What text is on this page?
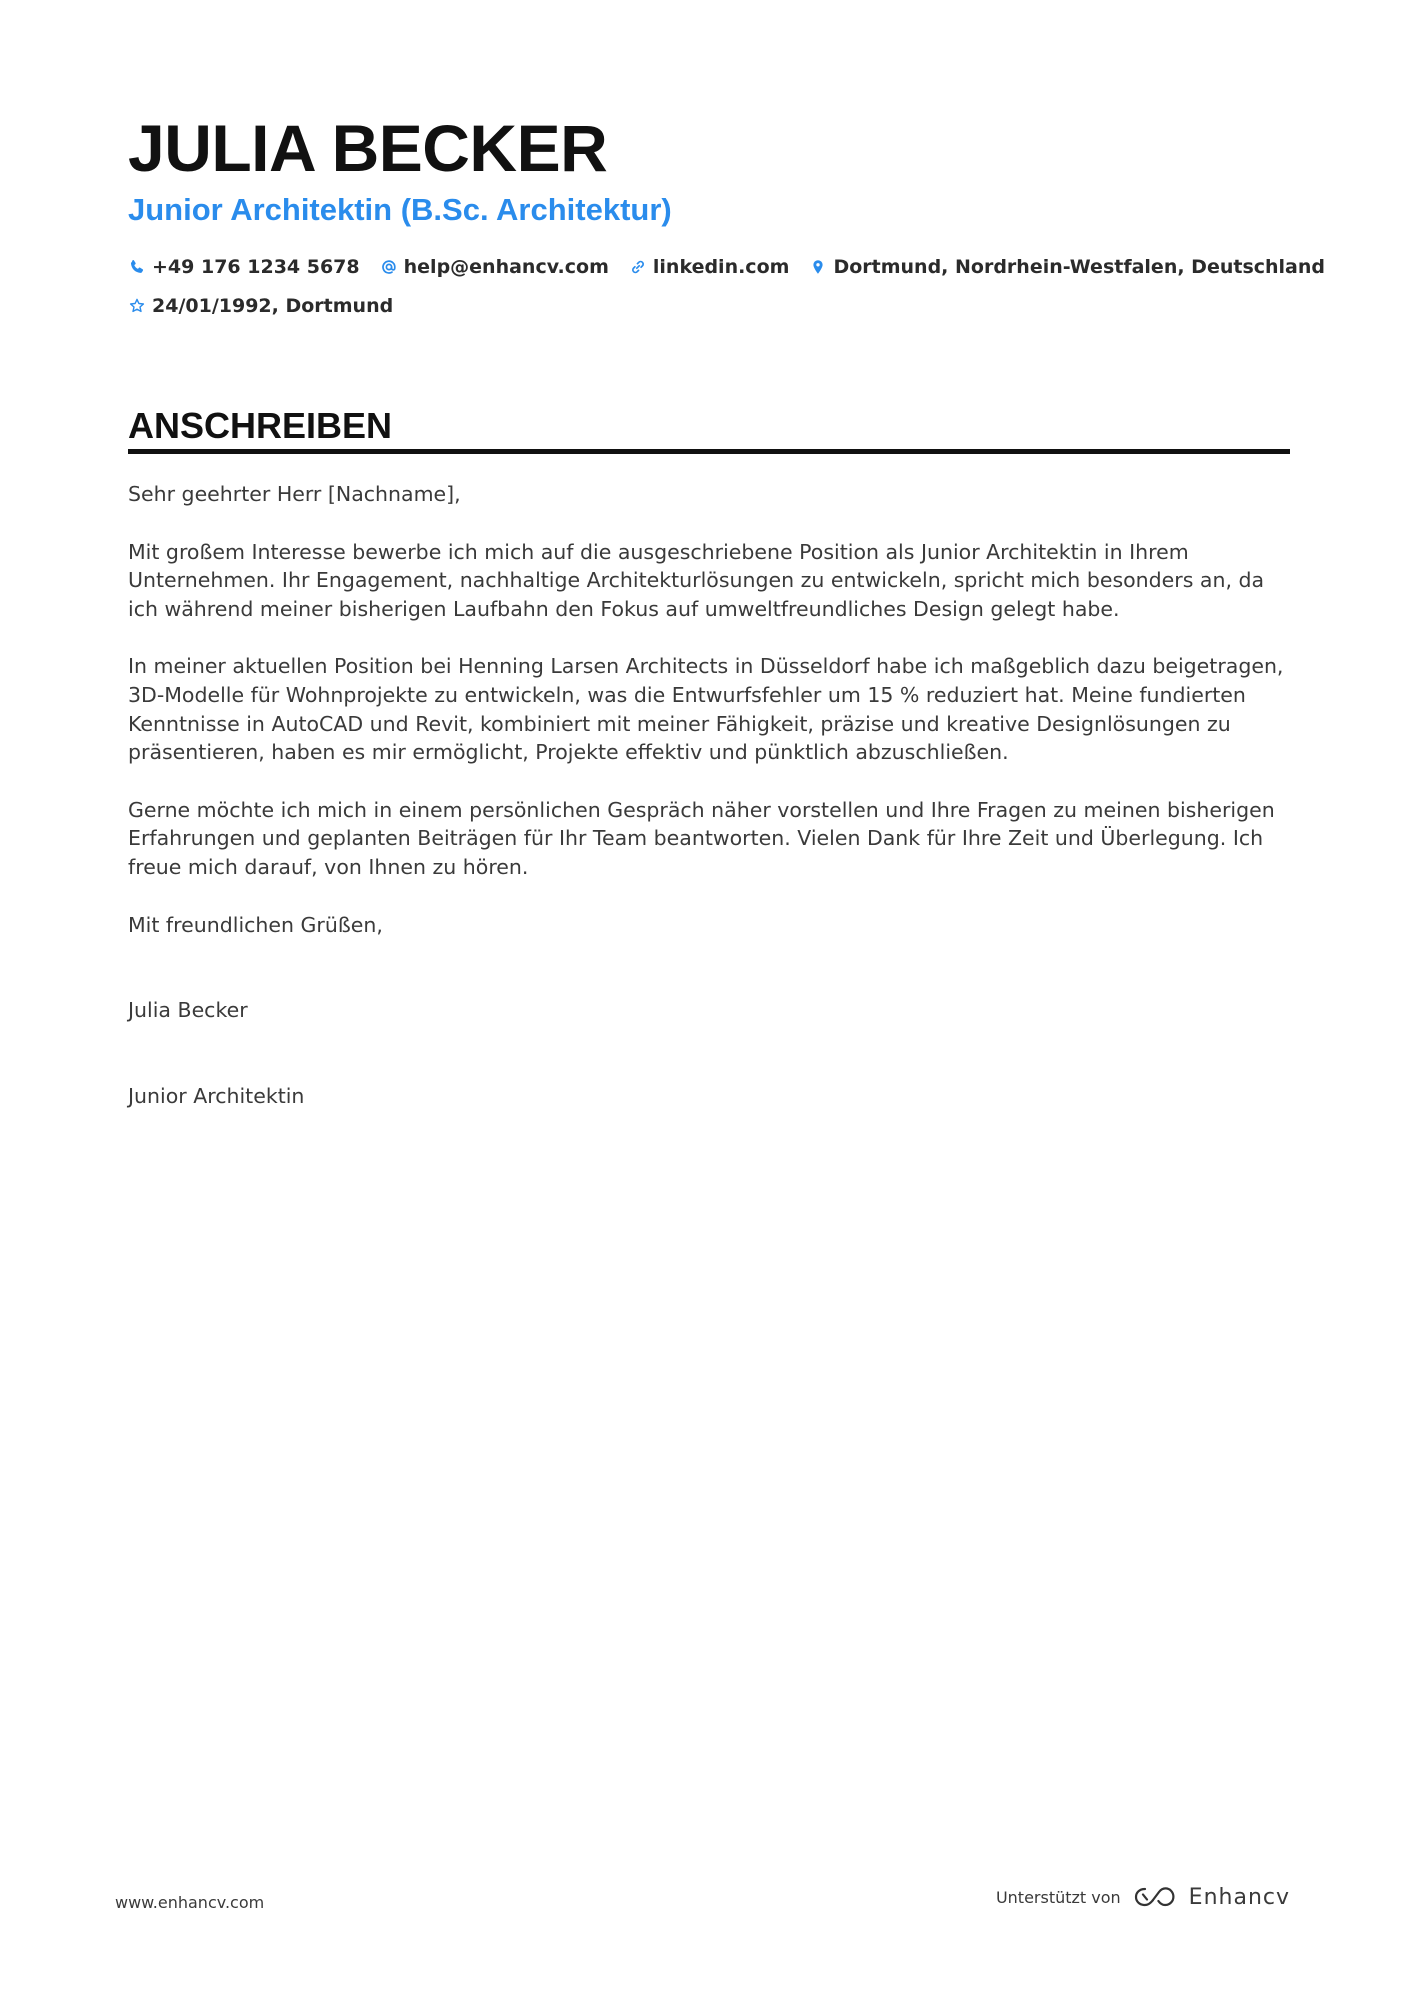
JULIA BECKER
Junior Architektin (B.Sc. Architektur)
+49 176 1234 5678 help@enhancv.com linkedin.com Dortmund, Nordrhein-Westfalen, Deutschland
24/01/1992, Dortmund
ANSCHREIBEN

Sehr geehrter Herr [Nachname],

Mit großem Interesse bewerbe ich mich auf die ausgeschriebene Position als Junior Architektin in Ihrem Unternehmen. Ihr Engagement, nachhaltige Architekturlösungen zu entwickeln, spricht mich besonders an, da ich während meiner bisherigen Laufbahn den Fokus auf umweltfreundliches Design gelegt habe.

In meiner aktuellen Position bei Henning Larsen Architects in Düsseldorf habe ich maßgeblich dazu beigetragen, 3D-Modelle für Wohnprojekte zu entwickeln, was die Entwurfsfehler um 15 % reduziert hat. Meine fundierten Kenntnisse in AutoCAD und Revit, kombiniert mit meiner Fähigkeit, präzise und kreative Designlösungen zu präsentieren, haben es mir ermöglicht, Projekte effektiv und pünktlich abzuschließen.

Gerne möchte ich mich in einem persönlichen Gespräch näher vorstellen und Ihre Fragen zu meinen bisherigen Erfahrungen und geplanten Beiträgen für Ihr Team beantworten. Vielen Dank für Ihre Zeit und Überlegung. Ich freue mich darauf, von Ihnen zu hören.

Mit freundlichen Grüßen,

Julia Becker

Junior Architektin

www.enhancv.com	Unterstützt von	Enhancv
